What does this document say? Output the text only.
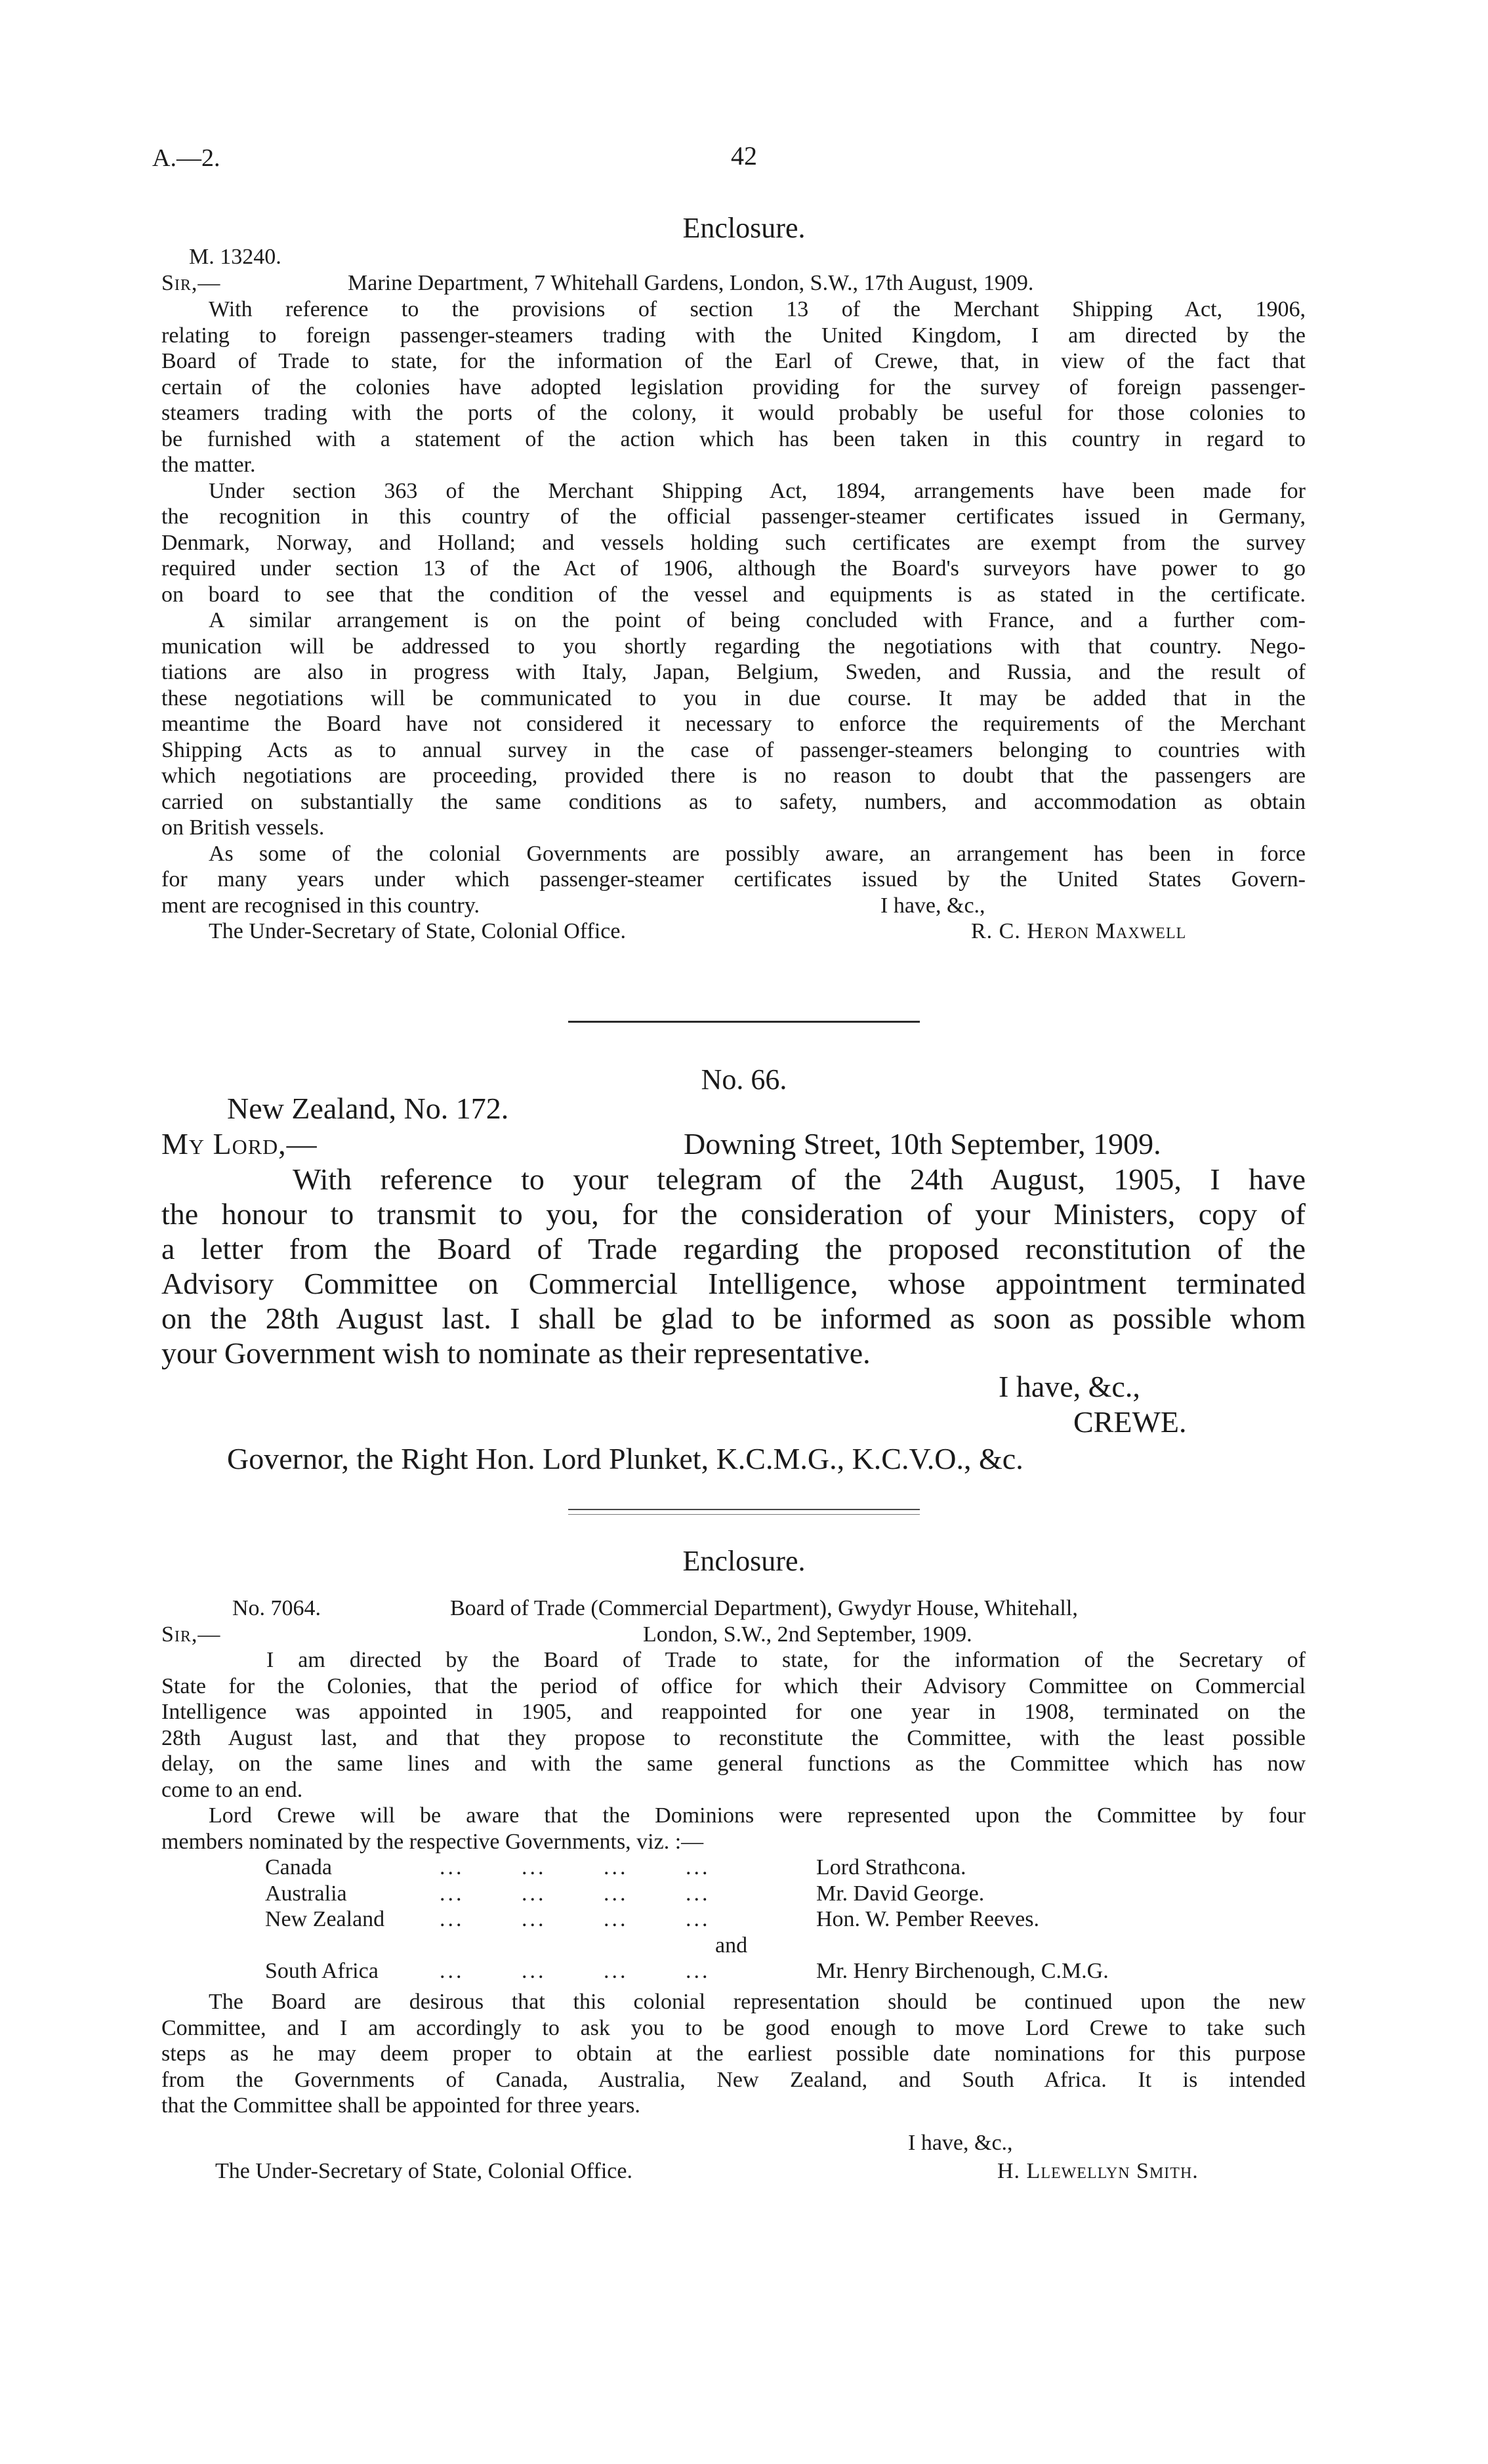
A.—2.	42
Enclosure.
M. 13240.
Sir,—	Marine Department, 7 Whitehall Gardens, London, S.W., 17th August, 1909.
With reference to the provisions of section 13 of the Merchant Shipping Act, 1906,
relating to foreign passenger-steamers trading with the United Kingdom, I am directed by the
Board of Trade to state, for the information of the Earl of Crewe, that, in view of the fact that
certain of the colonies have adopted legislation providing for the survey of foreign passenger-
steamers trading with the ports of the colony, it would probably be useful for those colonies to
be furnished with a statement of the action which has been taken in this country in regard to
the matter.
Under section 363 of the Merchant Shipping Act, 1894, arrangements have been made for
the recognition in this country of the official passenger-steamer certificates issued in Germany,
Denmark, Norway, and Holland; and vessels holding such certificates are exempt from the survey
required under section 13 of the Act of 1906, although the Board's surveyors have power to go
on board to see that the condition of the vessel and equipments is as stated in the certificate.
A similar arrangement is on the point of being concluded with France, and a further com-
munication will be addressed to you shortly regarding the negotiations with that country. Nego-
tiations are also in progress with Italy, Japan, Belgium, Sweden, and Russia, and the result of
these negotiations will be communicated to you in due course. It may be added that in the
meantime the Board have not considered it necessary to enforce the requirements of the Merchant
Shipping Acts as to annual survey in the case of passenger-steamers belonging to countries with
which negotiations are proceeding, provided there is no reason to doubt that the passengers are
carried on substantially the same conditions as to safety, numbers, and accommodation as obtain
on British vessels.
As some of the colonial Governments are possibly aware, an arrangement has been in force
for many years under which passenger-steamer certificates issued by the United States Govern-
ment are recognised in this country.	I have, &c.,
The Under-Secretary of State, Colonial Office.	R. C. Heron Maxwell
No. 66.
New Zealand, No. 172.
My Lord,—	Downing Street, 10th September, 1909.
With reference to your telegram of the 24th August, 1905, I have
the honour to transmit to you, for the consideration of your Ministers, copy of
a letter from the Board of Trade regarding the proposed reconstitution of the
Advisory Committee on Commercial Intelligence, whose appointment terminated
on the 28th August last. I shall be glad to be informed as soon as possible whom
your Government wish to nominate as their representative.
I have, &c.,
CREWE.
Governor, the Right Hon. Lord Plunket, K.C.M.G., K.C.V.O., &c.
Enclosure.
No. 7064.	Board of Trade (Commercial Department), Gwydyr House, Whitehall,
Sir,—	London, S.W., 2nd September, 1909.
I am directed by the Board of Trade to state, for the information of the Secretary of
State for the Colonies, that the period of office for which their Advisory Committee on Commercial
Intelligence was appointed in 1905, and reappointed for one year in 1908, terminated on the
28th August last, and that they propose to reconstitute the Committee, with the least possible
delay, on the same lines and with the same general functions as the Committee which has now
come to an end.
Lord Crewe will be aware that the Dominions were represented upon the Committee by four
members nominated by the respective Governments, viz. :—
Canada	...       ...       ...       ...	Lord Strathcona.
Australia	...       ...       ...       ...	Mr. David George.
New Zealand ...       ...       ...       ...	Hon. W. Pember Reeves.
and
South Africa	...       ...       ...       ...	Mr. Henry Birchenough, C.M.G.
The Board are desirous that this colonial representation should be continued upon the new
Committee, and I am accordingly to ask you to be good enough to move Lord Crewe to take such
steps as he may deem proper to obtain at the earliest possible date nominations for this purpose
from the Governments of Canada, Australia, New Zealand, and South Africa. It is intended
that the Committee shall be appointed for three years.
I have, &c.,
The Under-Secretary of State, Colonial Office.	H. Llewellyn Smith.
